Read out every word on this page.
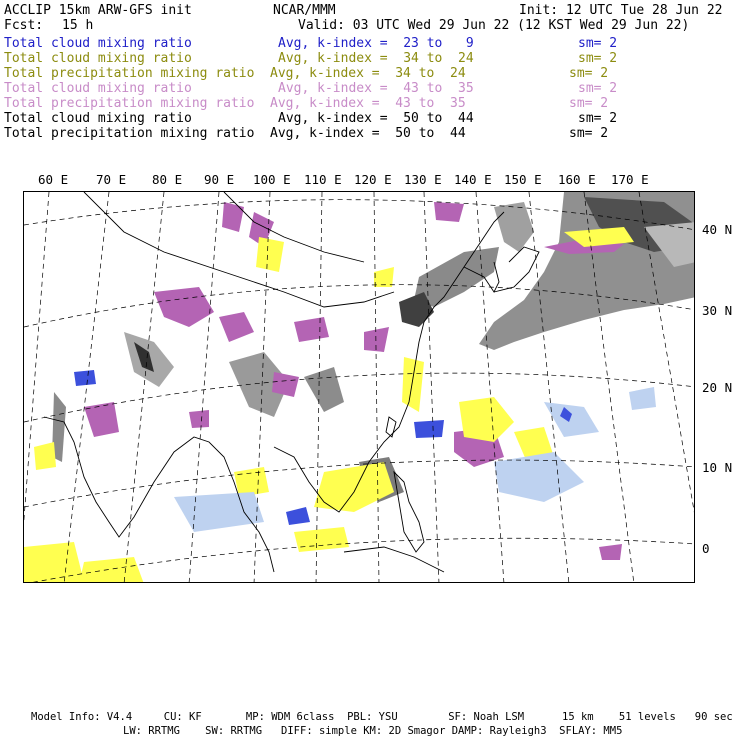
ACCLIP 15km ARW-GFS init	NCAR/MMM	Init: 12 UTC Tue 28 Jun 22
Fcst: 15 h	Valid: 03 UTC Wed 29 Jun 22 (12 KST Wed 29 Jun 22)
Total cloud mixing ratio	Avg, k-index =  23 to   9	sm= 2
Total cloud mixing ratio	Avg, k-index =  34 to  24	sm= 2
Total precipitation mixing ratio Avg, k-index =  34 to  24	sm= 2
Total cloud mixing ratio	Avg, k-index =  43 to  35	sm= 2
Total precipitation mixing ratio Avg, k-index =  43 to  35	sm= 2
Total cloud mixing ratio	Avg, k-index =  50 to  44	sm= 2
Total precipitation mixing ratio Avg, k-index =  50 to  44	sm= 2
60 E 70 E 80 E 90 E 100 E 110 E 120 E 130 E 140 E 150 E 160 E 170 E
40 N
30 N
20 N
10 N
0
Model Info: V4.4     CU: KF       MP: WDM 6class  PBL: YSU        SF: Noah LSM      15 km    51 levels   90 sec
LW: RRTMG    SW: RRTMG   DIFF: simple KM: 2D Smagor DAMP: Rayleigh3  SFLAY: MM5
